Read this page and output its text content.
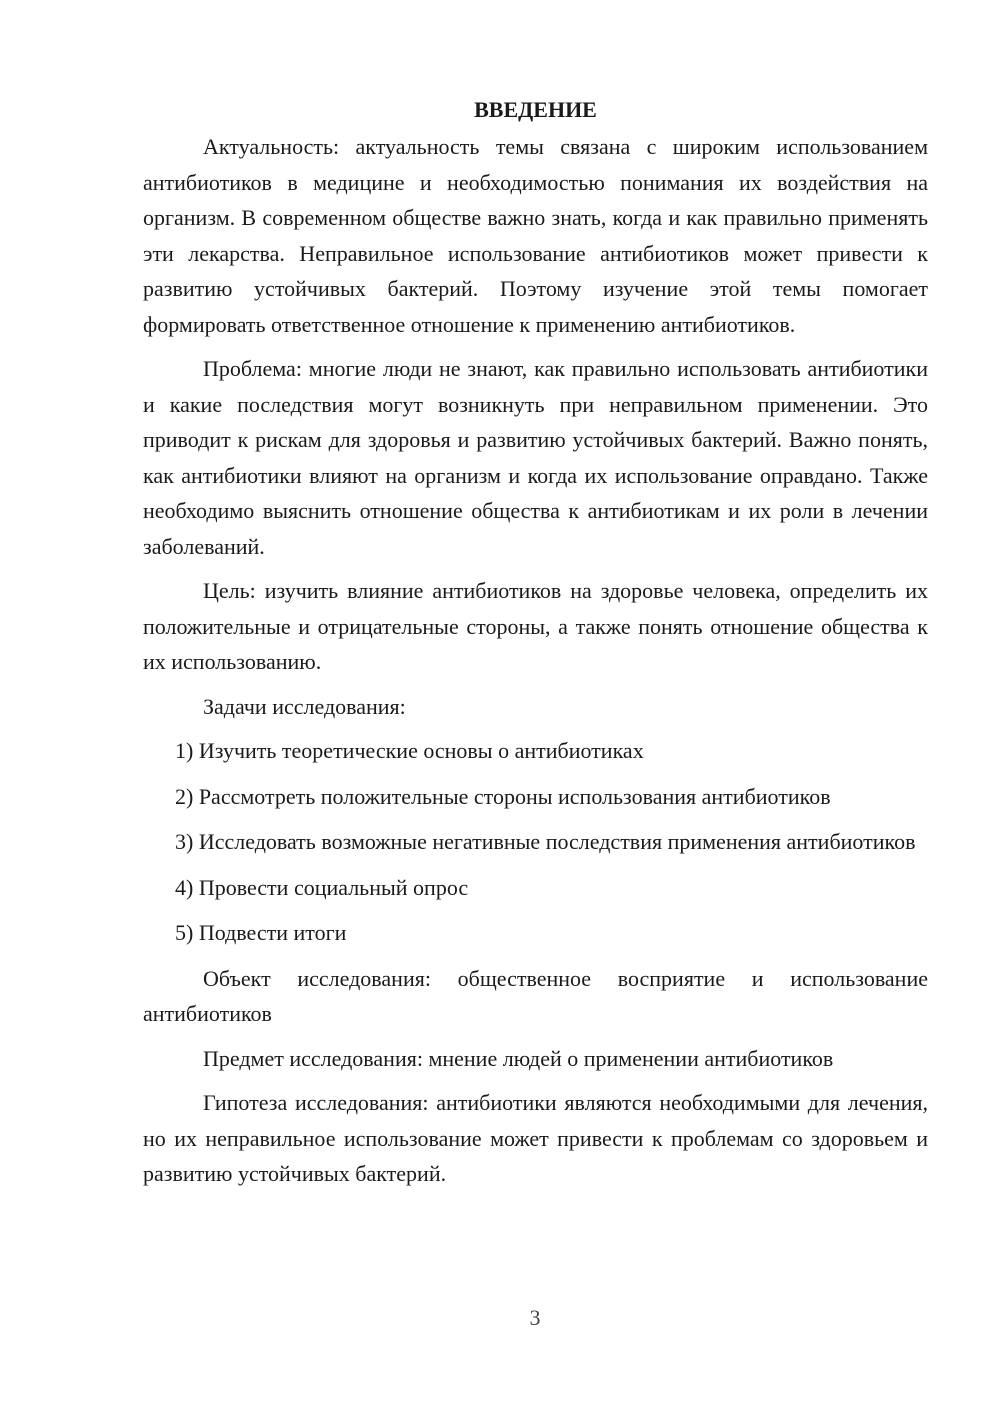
ВВЕДЕНИЕ

Актуальность: актуальность темы связана с широким использованием антибиотиков в медицине и необходимостью понимания их воздействия на организм. В современном обществе важно знать, когда и как правильно применять эти лекарства. Неправильное использование антибиотиков может привести к развитию устойчивых бактерий. Поэтому изучение этой темы помогает формировать ответственное отношение к применению антибиотиков.

Проблема: многие люди не знают, как правильно использовать антибиотики и какие последствия могут возникнуть при неправильном применении. Это приводит к рискам для здоровья и развитию устойчивых бактерий. Важно понять, как антибиотики влияют на организм и когда их использование оправдано. Также необходимо выяснить отношение общества к антибиотикам и их роли в лечении заболеваний.

Цель: изучить влияние антибиотиков на здоровье человека, определить их положительные и отрицательные стороны, а также понять отношение общества к их использованию.

Задачи исследования:

1) Изучить теоретические основы о антибиотиках

2) Рассмотреть положительные стороны использования антибиотиков

3) Исследовать возможные негативные последствия применения антибиотиков

4) Провести социальный опрос

5) Подвести итоги

Объект исследования: общественное восприятие и использование антибиотиков

Предмет исследования: мнение людей о применении антибиотиков

Гипотеза исследования: антибиотики являются необходимыми для лечения, но их неправильное использование может привести к проблемам со здоровьем и развитию устойчивых бактерий.

3
